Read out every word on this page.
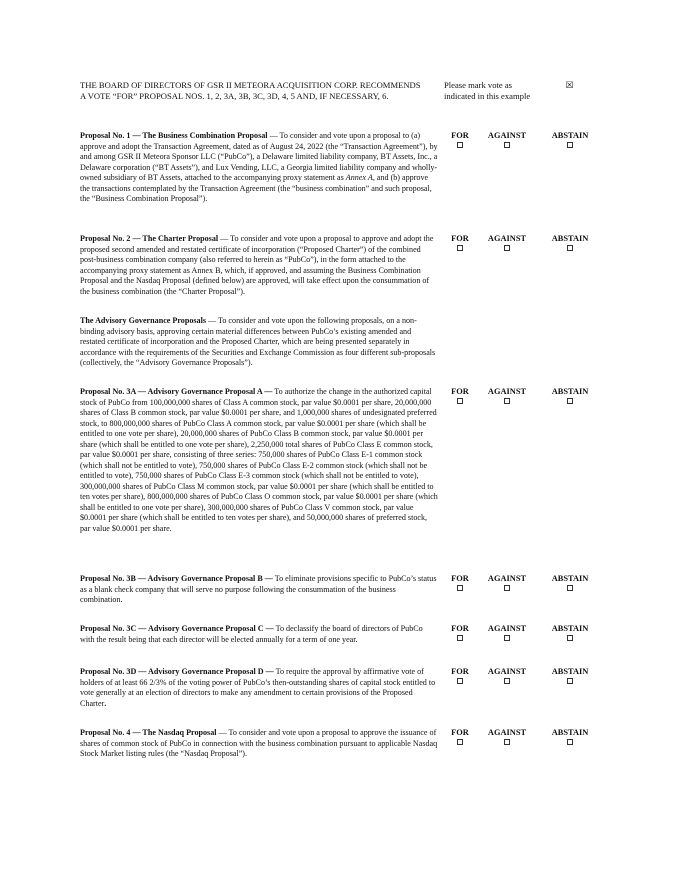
THE BOARD OF DIRECTORS OF GSR II METEORA ACQUISITION CORP. RECOMMENDS A VOTE “FOR” PROPOSAL NOS. 1, 2, 3A, 3B, 3C, 3D, 4, 5 AND, IF NECESSARY, 6.
Please mark vote as indicated in this example
☒
Proposal No. 1 — The Business Combination Proposal — To consider and vote upon a proposal to (a) approve and adopt the Transaction Agreement, dated as of August 24, 2022 (the “Transaction Agreement”), by and among GSR II Meteora Sponsor LLC (“PubCo”), a Delaware limited liability company, BT Assets, Inc., a Delaware corporation (“BT Assets”), and Lux Vending, LLC, a Georgia limited liability company and wholly-owned subsidiary of BT Assets, attached to the accompanying proxy statement as Annex A, and (b) approve the transactions contemplated by the Transaction Agreement (the “business combination” and such proposal, the “Business Combination Proposal”).
FOR	AGAINST	ABSTAIN
Proposal No. 2 — The Charter Proposal — To consider and vote upon a proposal to approve and adopt the proposed second amended and restated certificate of incorporation (“Proposed Charter”) of the combined post-business combination company (also referred to herein as “PubCo”), in the form attached to the accompanying proxy statement as Annex B, which, if approved, and assuming the Business Combination Proposal and the Nasdaq Proposal (defined below) are approved, will take effect upon the consummation of the business combination (the “Charter Proposal”).
FOR	AGAINST	ABSTAIN
The Advisory Governance Proposals — To consider and vote upon the following proposals, on a non-binding advisory basis, approving certain material differences between PubCo’s existing amended and restated certificate of incorporation and the Proposed Charter, which are being presented separately in accordance with the requirements of the Securities and Exchange Commission as four different sub-proposals (collectively, the “Advisory Governance Proposals”).
Proposal No. 3A — Advisory Governance Proposal A — To authorize the change in the authorized capital stock of PubCo from 100,000,000 shares of Class A common stock, par value $0.0001 per share, 20,000,000 shares of Class B common stock, par value $0.0001 per share, and 1,000,000 shares of undesignated preferred stock, to 800,000,000 shares of PubCo Class A common stock, par value $0.0001 per share (which shall be entitled to one vote per share), 20,000,000 shares of PubCo Class B common stock, par value $0.0001 per share (which shall be entitled to one vote per share), 2,250,000 total shares of PubCo Class E common stock, par value $0.0001 per share, consisting of three series: 750,000 shares of PubCo Class E-1 common stock (which shall not be entitled to vote), 750,000 shares of PubCo Class E-2 common stock (which shall not be entitled to vote), 750,000 shares of PubCo Class E-3 common stock (which shall not be entitled to vote), 300,000,000 shares of PubCo Class M common stock, par value $0.0001 per share (which shall be entitled to ten votes per share), 800,000,000 shares of PubCo Class O common stock, par value $0.0001 per share (which shall be entitled to one vote per share), 300,000,000 shares of PubCo Class V common stock, par value $0.0001 per share (which shall be entitled to ten votes per share), and 50,000,000 shares of preferred stock, par value $0.0001 per share.
FOR	AGAINST	ABSTAIN
Proposal No. 3B — Advisory Governance Proposal B — To eliminate provisions specific to PubCo’s status as a blank check company that will serve no purpose following the consummation of the business combination.
FOR	AGAINST	ABSTAIN
Proposal No. 3C — Advisory Governance Proposal C — To declassify the board of directors of PubCo with the result being that each director will be elected annually for a term of one year.
FOR	AGAINST	ABSTAIN
Proposal No. 3D — Advisory Governance Proposal D — To require the approval by affirmative vote of holders of at least 66 2/3% of the voting power of PubCo’s then-outstanding shares of capital stock entitled to vote generally at an election of directors to make any amendment to certain provisions of the Proposed Charter.
FOR	AGAINST	ABSTAIN
Proposal No. 4 — The Nasdaq Proposal — To consider and vote upon a proposal to approve the issuance of shares of common stock of PubCo in connection with the business combination pursuant to applicable Nasdaq Stock Market listing rules (the “Nasdaq Proposal”).
FOR	AGAINST	ABSTAIN
